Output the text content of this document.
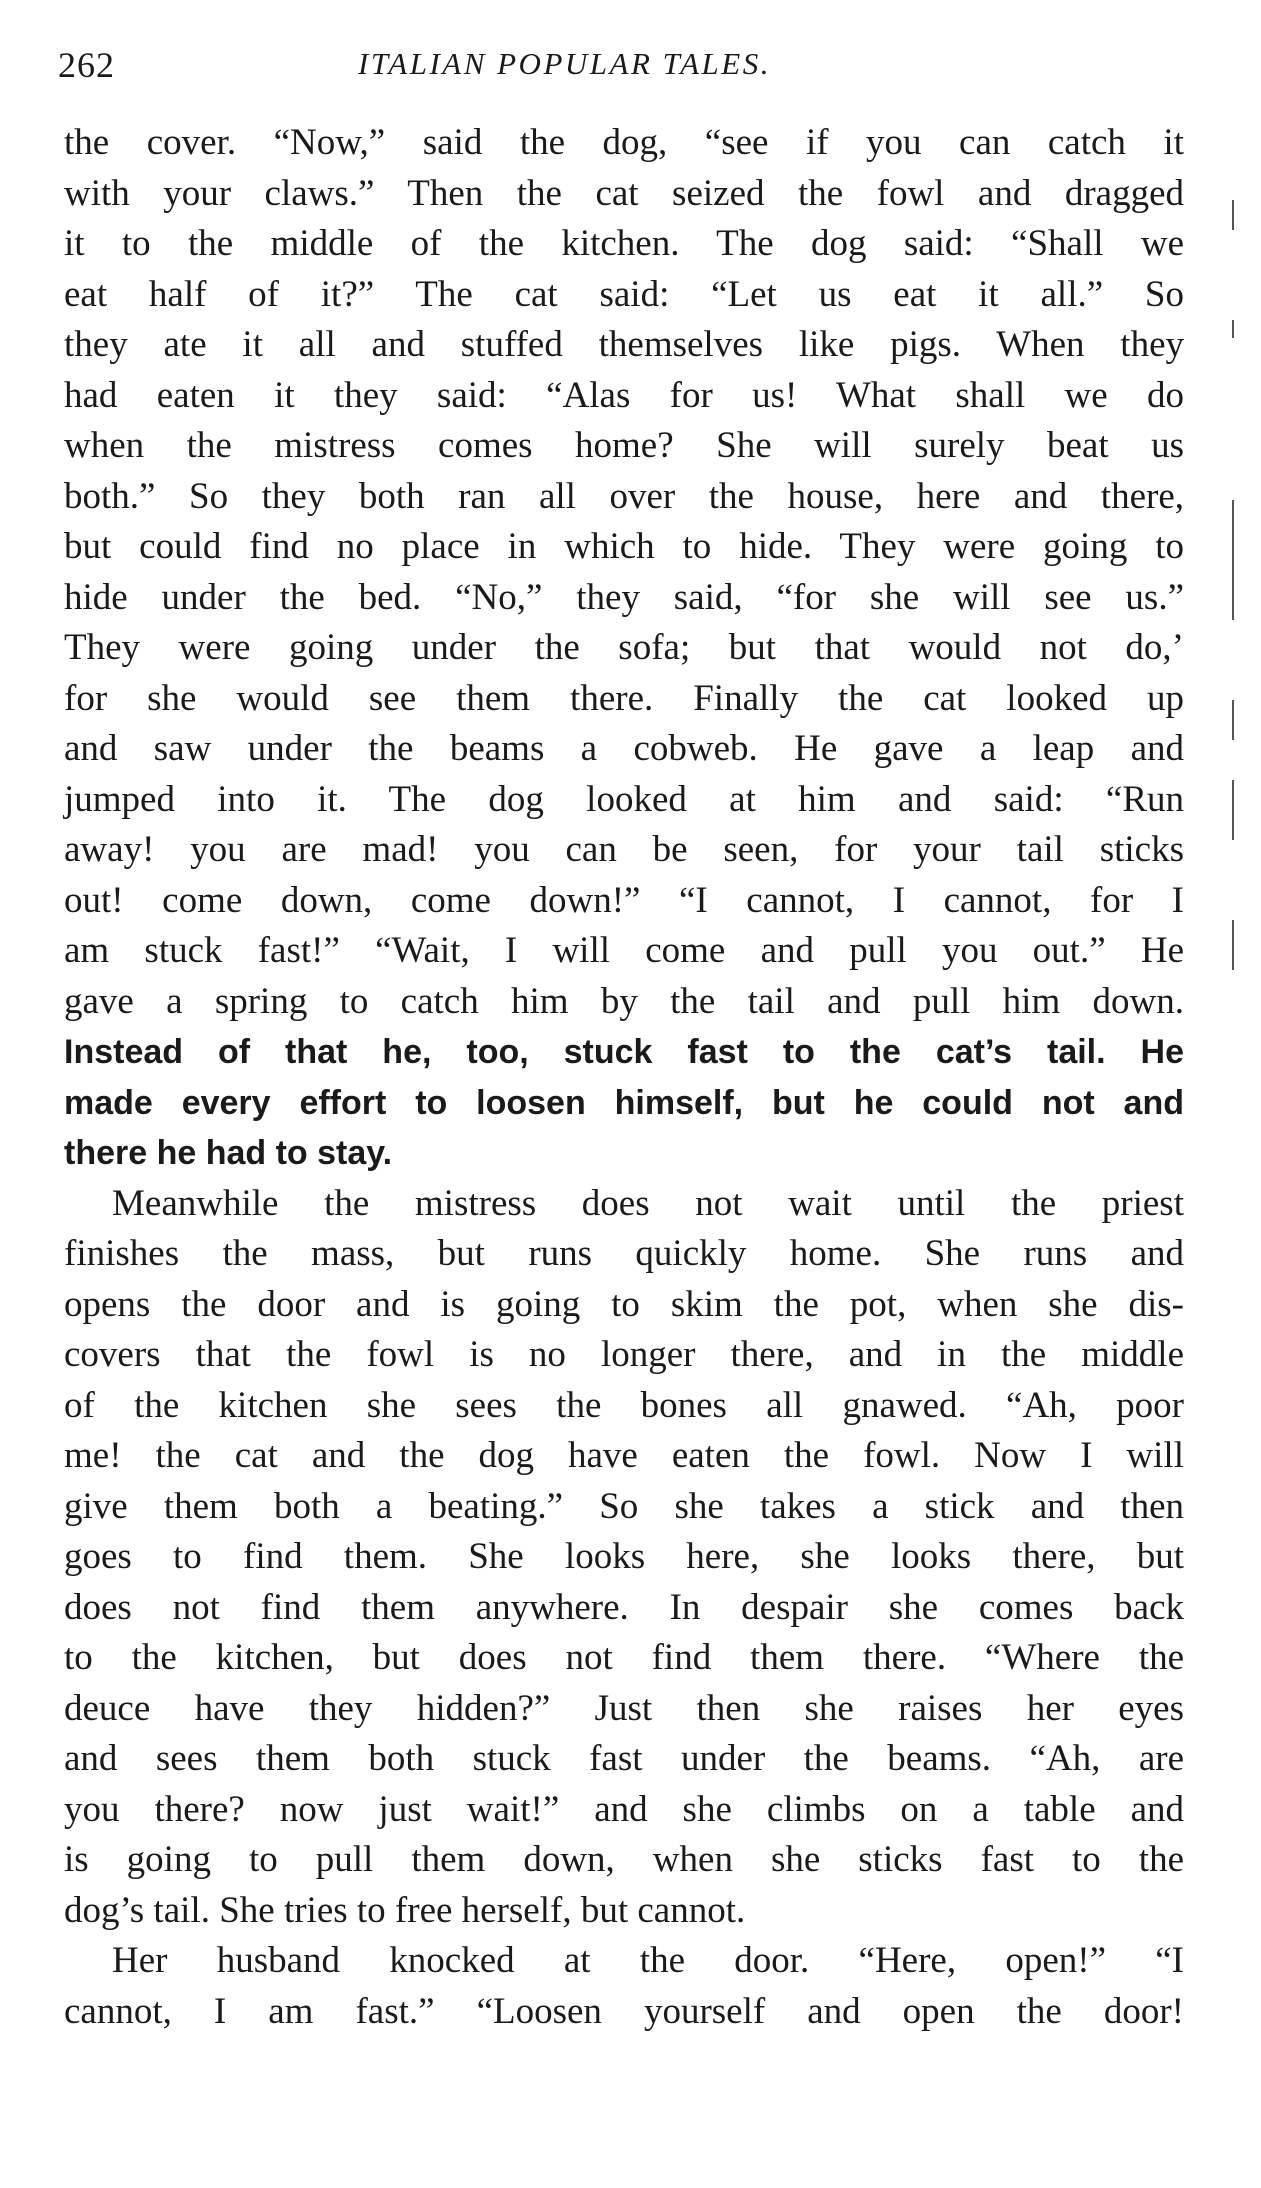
262	ITALIAN POPULAR TALES.
the cover. “Now,” said the dog, “see if you can catch it
with your claws.” Then the cat seized the fowl and dragged
it to the middle of the kitchen. The dog said: “Shall we
eat half of it?” The cat said: “Let us eat it all.” So
they ate it all and stuffed themselves like pigs. When they
had eaten it they said: “Alas for us! What shall we do
when the mistress comes home? She will surely beat us
both.” So they both ran all over the house, here and there,
but could find no place in which to hide. They were going to
hide under the bed. “No,” they said, “for she will see us.”
They were going under the sofa; but that would not do,’
for she would see them there. Finally the cat looked up
and saw under the beams a cobweb. He gave a leap and
jumped into it. The dog looked at him and said: “Run
away! you are mad! you can be seen, for your tail sticks
out! come down, come down!” “I cannot, I cannot, for I
am stuck fast!” “Wait, I will come and pull you out.” He
gave a spring to catch him by the tail and pull him down.
Instead of that he, too, stuck fast to the cat’s tail. He
made every effort to loosen himself, but he could not and
there he had to stay.
Meanwhile the mistress does not wait until the priest
finishes the mass, but runs quickly home. She runs and
opens the door and is going to skim the pot, when she dis-
covers that the fowl is no longer there, and in the middle
of the kitchen she sees the bones all gnawed. “Ah, poor
me! the cat and the dog have eaten the fowl. Now I will
give them both a beating.” So she takes a stick and then
goes to find them. She looks here, she looks there, but
does not find them anywhere. In despair she comes back
to the kitchen, but does not find them there. “Where the
deuce have they hidden?” Just then she raises her eyes
and sees them both stuck fast under the beams. “Ah, are
you there? now just wait!” and she climbs on a table and
is going to pull them down, when she sticks fast to the
dog’s tail. She tries to free herself, but cannot.
Her husband knocked at the door. “Here, open!” “I
cannot, I am fast.” “Loosen yourself and open the door!
